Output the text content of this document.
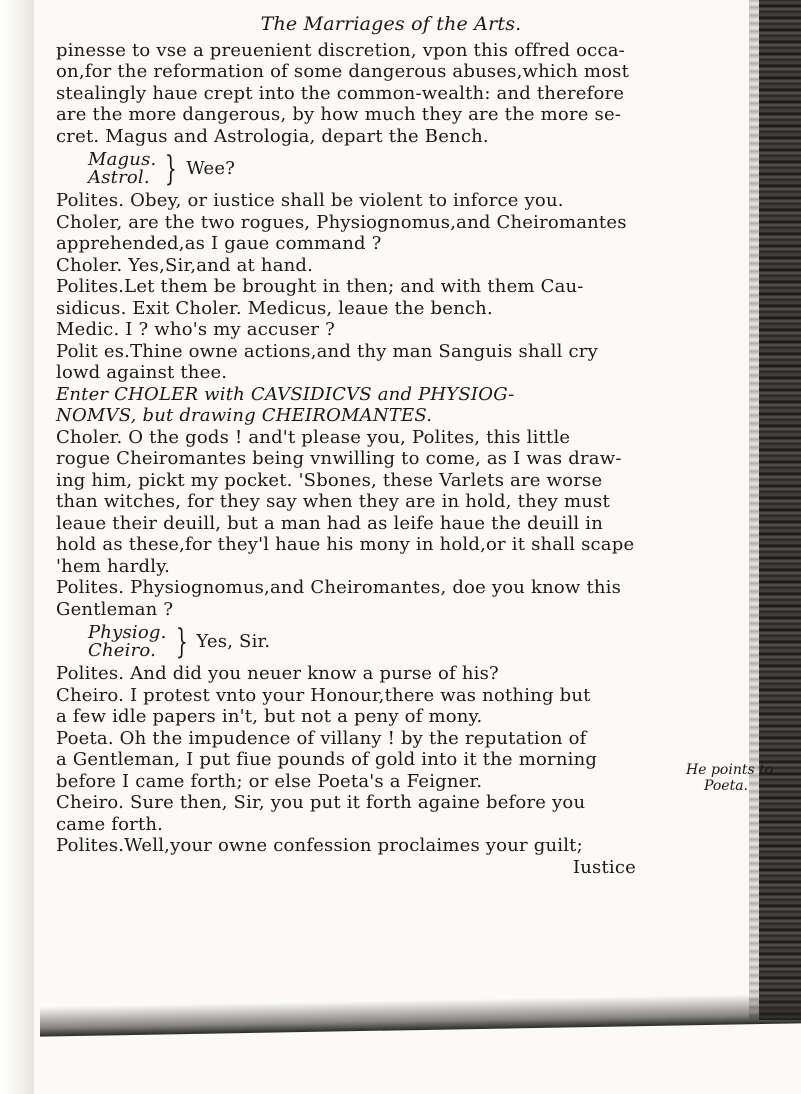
The Marriages of the Arts.
pinesse to vse a preuenient discretion, vpon this offred occa-
on,for the reformation of some dangerous abuses,which most
stealingly haue crept into the common-wealth: and therefore
are the more dangerous, by how much they are the more se-
cret. Magus and Astrologia, depart the Bench.
Magus.
Astrol. } Wee?
Polites. Obey, or iustice shall be violent to inforce you.
Choler, are the two rogues, Physiognomus,and Cheiromantes
apprehended,as I gaue command ?
Choler. Yes,Sir,and at hand.
Polites.Let them be brought in then; and with them Cau-
sidicus. Exit Choler. Medicus, leaue the bench.
Medic. I ? who's my accuser ?
Polit es.Thine owne actions,and thy man Sanguis shall cry
lowd against thee.
Enter CHOLER with CAVSIDICVS and PHYSIOG-
NOMVS, but drawing CHEIROMANTES.
Choler. O the gods ! and't please you, Polites, this little
rogue Cheiromantes being vnwilling to come, as I was draw-
ing him, pickt my pocket. 'Sbones, these Varlets are worse
than witches, for they say when they are in hold, they must
leaue their deuill, but a man had as leife haue the deuill in
hold as these,for they'l haue his mony in hold,or it shall scape
'hem hardly.
Polites. Physiognomus,and Cheiromantes, doe you know this
Gentleman ?
Physiog.
Cheiro. } Yes, Sir.
Polites. And did you neuer know a purse of his?
Cheiro. I protest vnto your Honour,there was nothing but
a few idle papers in't, but not a peny of mony.
Poeta. Oh the impudence of villany ! by the reputation of
a Gentleman, I put fiue pounds of gold into it the morning
before I came forth; or else Poeta's a Feigner.
Cheiro. Sure then, Sir, you put it forth againe before you
came forth.
Polites.Well,your owne confession proclaimes your guilt;
Iustice
He points to
Poeta.
